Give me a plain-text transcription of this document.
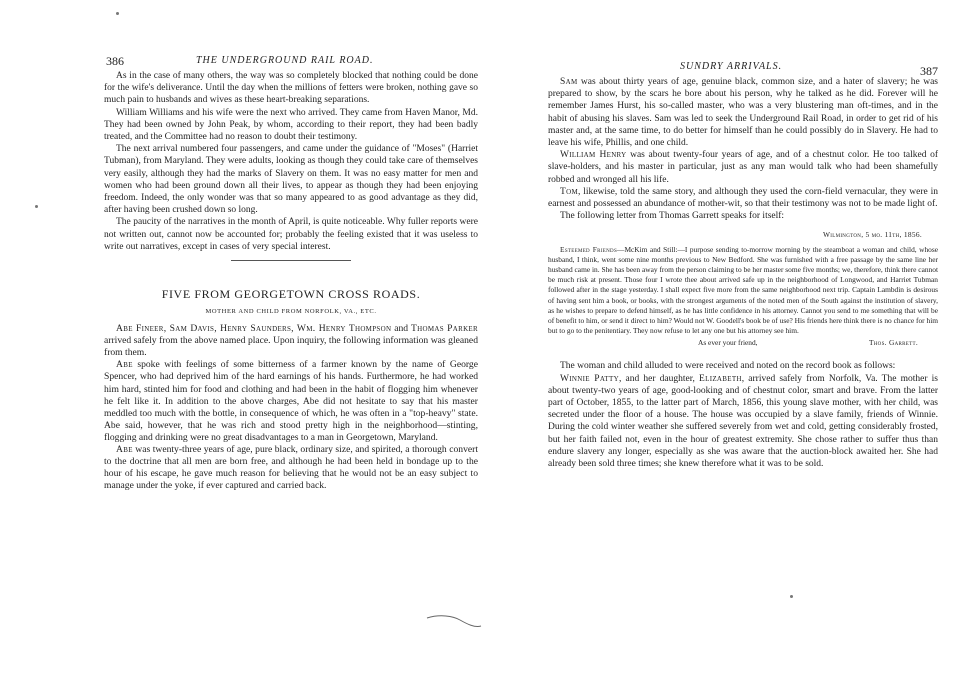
386	THE UNDERGROUND RAIL ROAD.

As in the case of many others, the way was so completely blocked that nothing could be done for the wife's deliverance. Until the day when the millions of fetters were broken, nothing gave so much pain to husbands and wives as these heart-breaking separations.

William Williams and his wife were the next who arrived. They came from Haven Manor, Md. They had been owned by John Peak, by whom, according to their report, they had been badly treated, and the Committee had no reason to doubt their testimony.

The next arrival numbered four passengers, and came under the guidance of "Moses" (Harriet Tubman), from Maryland. They were adults, looking as though they could take care of themselves very easily, although they had the marks of Slavery on them. It was no easy matter for men and women who had been ground down all their lives, to appear as though they had been enjoying freedom. Indeed, the only wonder was that so many appeared to as good advantage as they did, after having been crushed down so long.

The paucity of the narratives in the month of April, is quite noticeable. Why fuller reports were not written out, cannot now be accounted for; probably the feeling existed that it was useless to write out narratives, except in cases of very special interest.

FIVE FROM GEORGETOWN CROSS ROADS.
MOTHER AND CHILD FROM NORFOLK, VA., ETC.

Abe Fineer, Sam Davis, Henry Saunders, Wm. Henry Thompson and Thomas Parker arrived safely from the above named place. Upon inquiry, the following information was gleaned from them.

Abe spoke with feelings of some bitterness of a farmer known by the name of George Spencer, who had deprived him of the hard earnings of his hands. Furthermore, he had worked him hard, stinted him for food and clothing and had been in the habit of flogging him whenever he felt like it. In addition to the above charges, Abe did not hesitate to say that his master meddled too much with the bottle, in consequence of which, he was often in a "top-heavy" state. Abe said, however, that he was rich and stood pretty high in the neighborhood—stinting, flogging and drinking were no great disadvantages to a man in Georgetown, Maryland.

Abe was twenty-three years of age, pure black, ordinary size, and spirited, a thorough convert to the doctrine that all men are born free, and although he had been held in bondage up to the hour of his escape, he gave much reason for believing that he would not be an easy subject to manage under the yoke, if ever captured and carried back.

SUNDRY ARRIVALS.	387

Sam was about thirty years of age, genuine black, common size, and a hater of slavery; he was prepared to show, by the scars he bore about his person, why he talked as he did. Forever will he remember James Hurst, his so-called master, who was a very blustering man oft-times, and in the habit of abusing his slaves. Sam was led to seek the Underground Rail Road, in order to get rid of his master and, at the same time, to do better for himself than he could possibly do in Slavery. He had to leave his wife, Phillis, and one child.

William Henry was about twenty-four years of age, and of a chestnut color. He too talked of slave-holders, and his master in particular, just as any man would talk who had been shamefully robbed and wronged all his life.

Tom, likewise, told the same story, and although they used the corn-field vernacular, they were in earnest and possessed an abundance of mother-wit, so that their testimony was not to be made light of.

The following letter from Thomas Garrett speaks for itself:

Wilmington, 5 mo. 11th, 1856.

Esteemed Friends—McKim and Still:—I purpose sending to-morrow morning by the steamboat a woman and child, whose husband, I think, went some nine months previous to New Bedford. She was furnished with a free passage by the same line her husband came in. She has been away from the person claiming to be her master some five months; we, therefore, think there cannot be much risk at present. Those four I wrote thee about arrived safe up in the neighborhood of Longwood, and Harriet Tubman followed after in the stage yesterday. I shall expect five more from the same neighborhood next trip. Captain Lambdin is desirous of having sent him a book, or books, with the strongest arguments of the noted men of the South against the institution of slavery, as he wishes to prepare to defend himself, as he has little confidence in his attorney. Cannot you send to me something that will be of benefit to him, or send it direct to him? Would not W. Goodell's book be of use? His friends here think there is no chance for him but to go to the penitentiary. They now refuse to let any one but his attorney see him.

As ever your friend,	Thos. Garrett.

The woman and child alluded to were received and noted on the record book as follows:

Winnie Patty, and her daughter, Elizabeth, arrived safely from Norfolk, Va. The mother is about twenty-two years of age, good-looking and of chestnut color, smart and brave. From the latter part of October, 1855, to the latter part of March, 1856, this young slave mother, with her child, was secreted under the floor of a house. The house was occupied by a slave family, friends of Winnie. During the cold winter weather she suffered severely from wet and cold, getting considerably frosted, but her faith failed not, even in the hour of greatest extremity. She chose rather to suffer thus than endure slavery any longer, especially as she was aware that the auction-block awaited her. She had already been sold three times; she knew therefore what it was to be sold.
